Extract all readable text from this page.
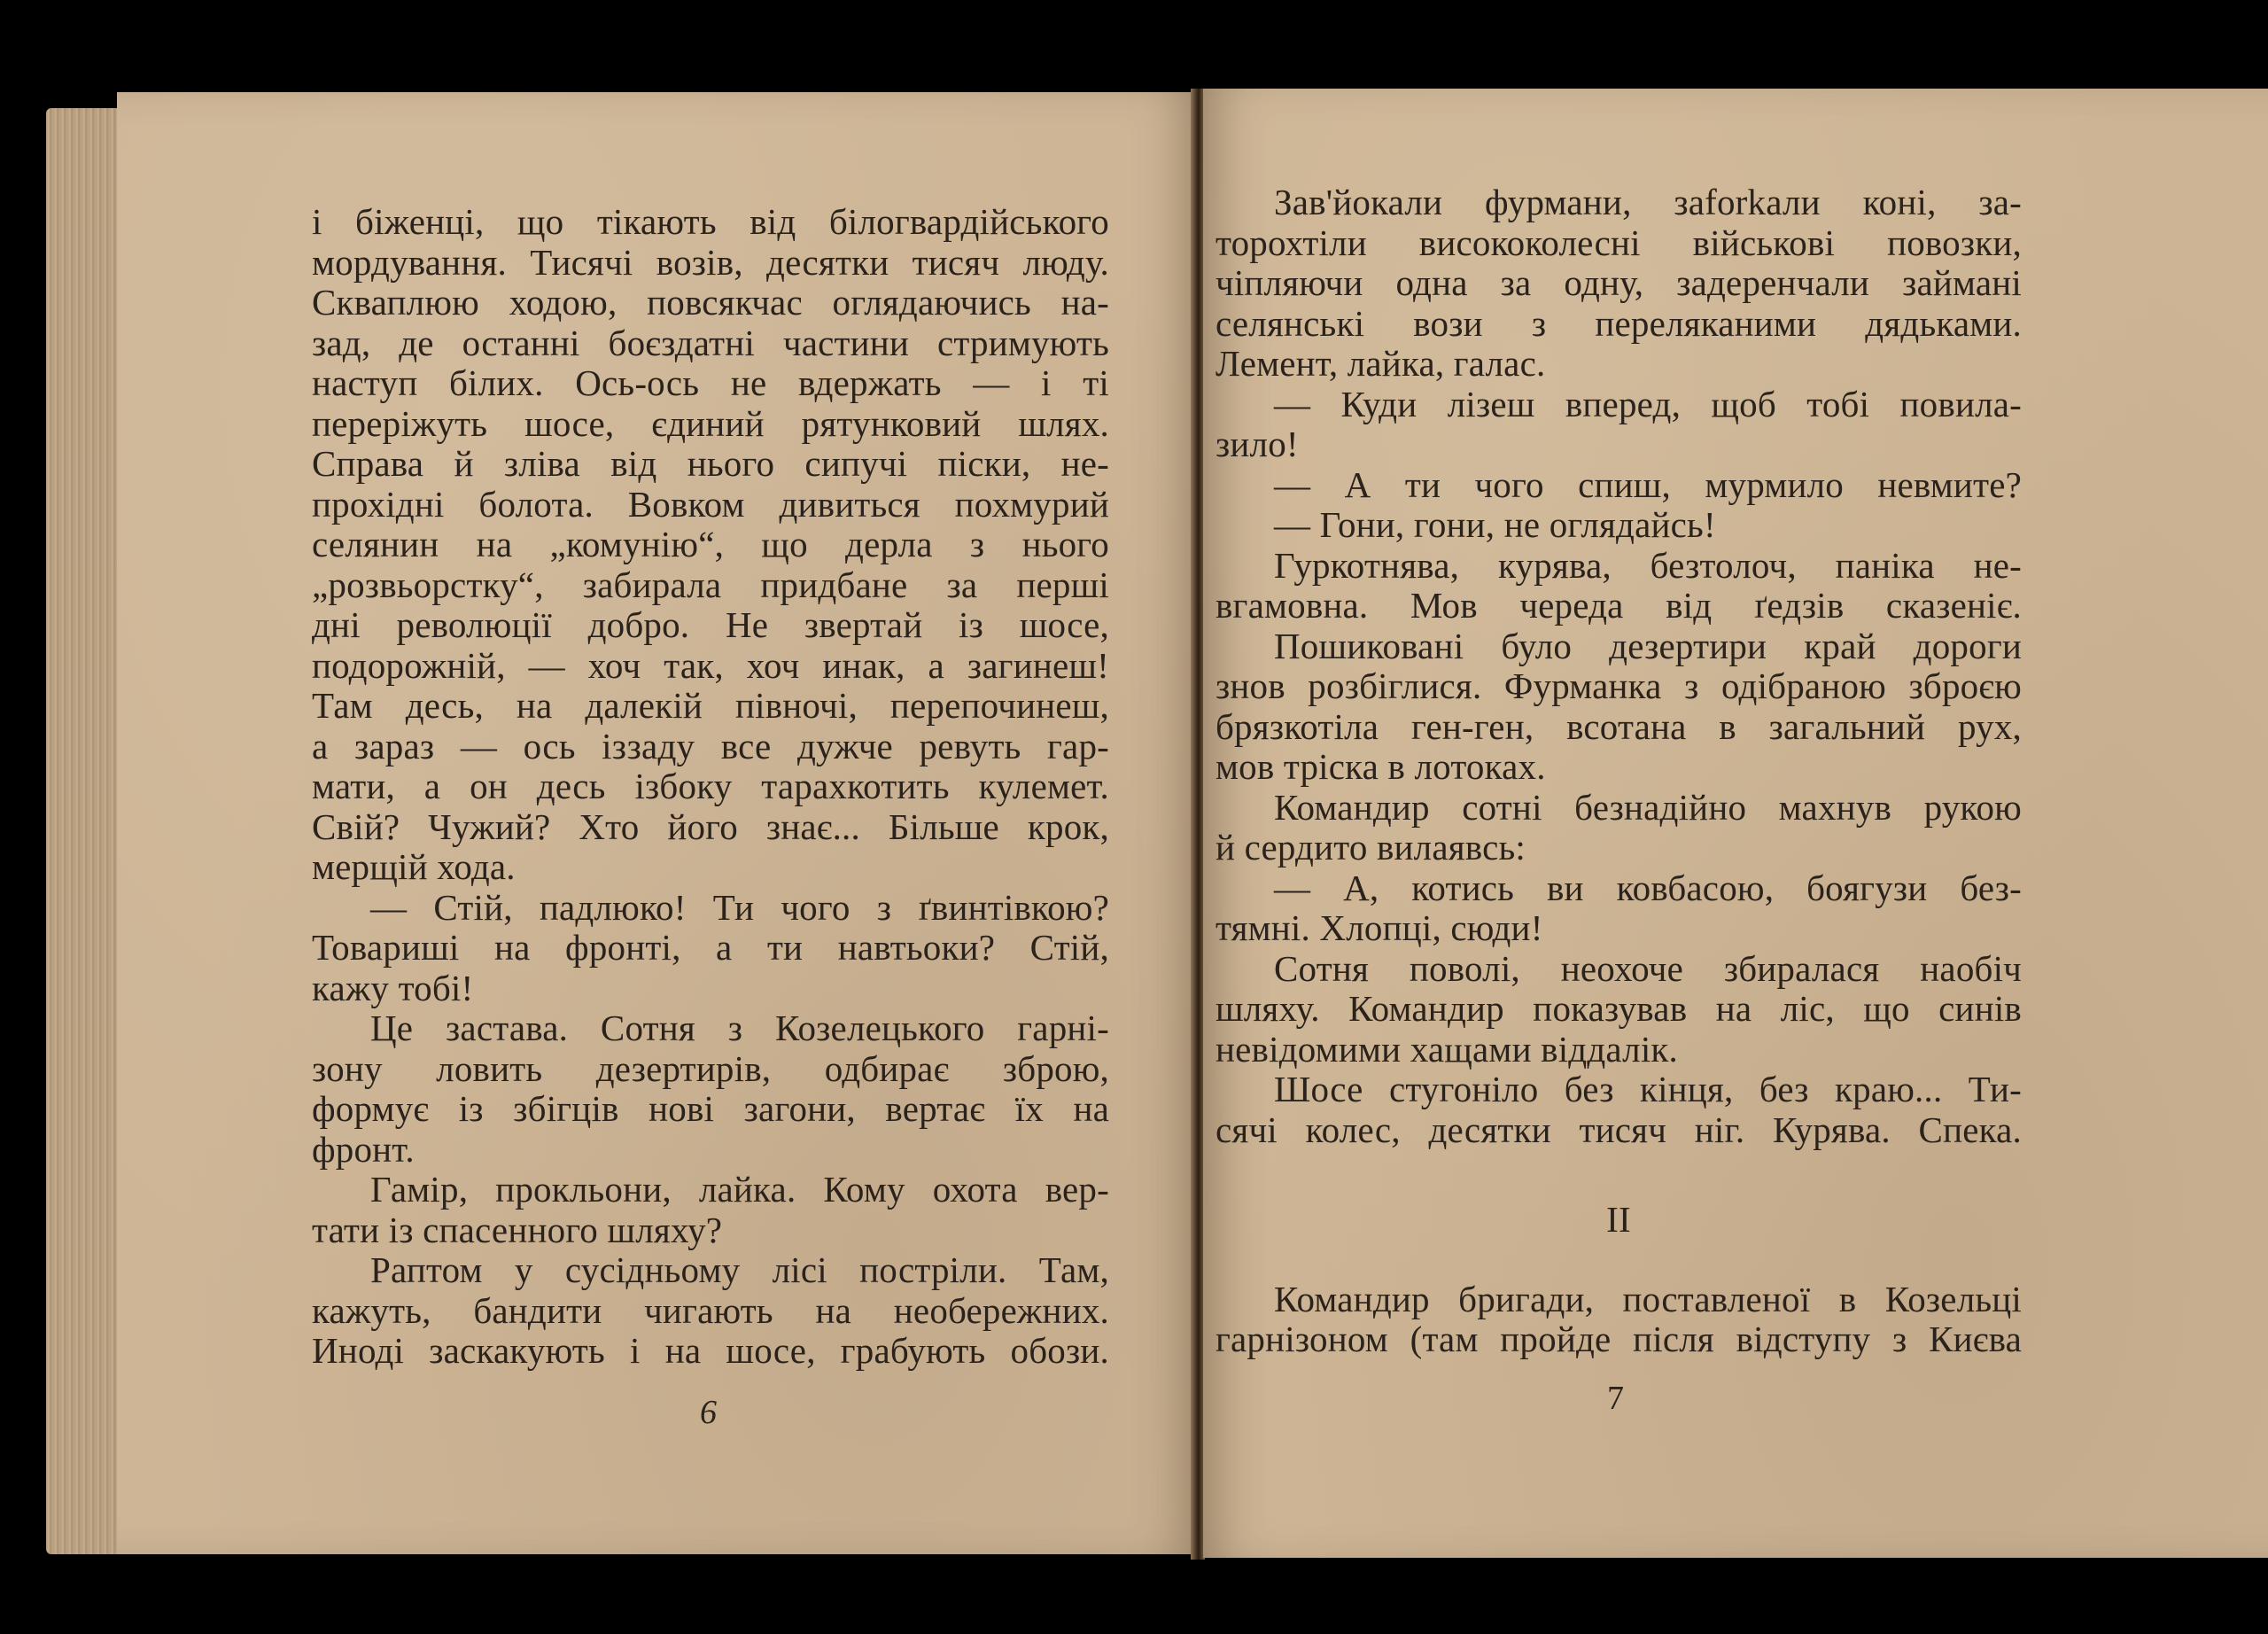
і біженці, що тікають від білогвардійського
мордування. Тисячі возів, десятки тисяч люду.
Скваплюю ходою, повсякчас оглядаючись на-
зад, де останні боєздатні частини стримують
наступ білих. Ось-ось не вдержать — і ті
переріжуть шосе, єдиний рятунковий шлях.
Справа й зліва від нього сипучі піски, не-
прохідні болота. Вовком дивиться похмурий
селянин на „комунію“, що дерла з нього
„розвьорстку“, забирала придбане за перші
дні революції добро. Не звертай із шосе,
подорожній, — хоч так, хоч инак, а загинеш!
Там десь, на далекій півночі, перепочинеш,
а зараз — ось іззаду все дужче ревуть гар-
мати, а он десь ізбоку тарахкотить кулемет.
Свій? Чужий? Хто його знає... Більше крок,
мерщій хода.
— Стій, падлюко! Ти чого з ґвинтівкою?
Товариші на фронті, а ти навтьоки? Стій,
кажу тобі!
Це застава. Сотня з Козелецького гарні-
зону ловить дезертирів, одбирає зброю,
формує із збігців нові загони, вертає їх на
фронт.
Гамір, прокльони, лайка. Кому охота вер-
тати із спасенного шляху?
Раптом у сусідньому лісі постріли. Там,
кажуть, бандити чигають на необережних.
Иноді заскакують і на шосе, грабують обози.
6
Зав'йокали фурмани, заforkали коні, за-
торохтіли висококолесні військові повозки,
чіпляючи одна за одну, задеренчали займані
селянські вози з переляканими дядьками.
Лемент, лайка, галас.
— Куди лізеш вперед, щоб тобі повила-
зило!
— А ти чого спиш, мурмило невмите?
— Гони, гони, не оглядайсь!
Гуркотнява, курява, безтолоч, паніка не-
вгамовна. Мов череда від ґедзів сказеніє.
Пошиковані було дезертири край дороги
знов розбіглися. Фурманка з одібраною зброєю
брязкотіла ген-ген, всотана в загальний рух,
мов тріска в лотоках.
Командир сотні безнадійно махнув рукою
й сердито вилаявсь:
— А, котись ви ковбасою, боягузи без-
тямні. Хлопці, сюди!
Сотня поволі, неохоче збиралася наобіч
шляху. Командир показував на ліс, що синів
невідомими хащами віддалік.
Шосе стугоніло без кінця, без краю... Ти-
сячі колес, десятки тисяч ніг. Курява. Спека.
II
Командир бригади, поставленої в Козельці
гарнізоном (там пройде після відступу з Києва
7
